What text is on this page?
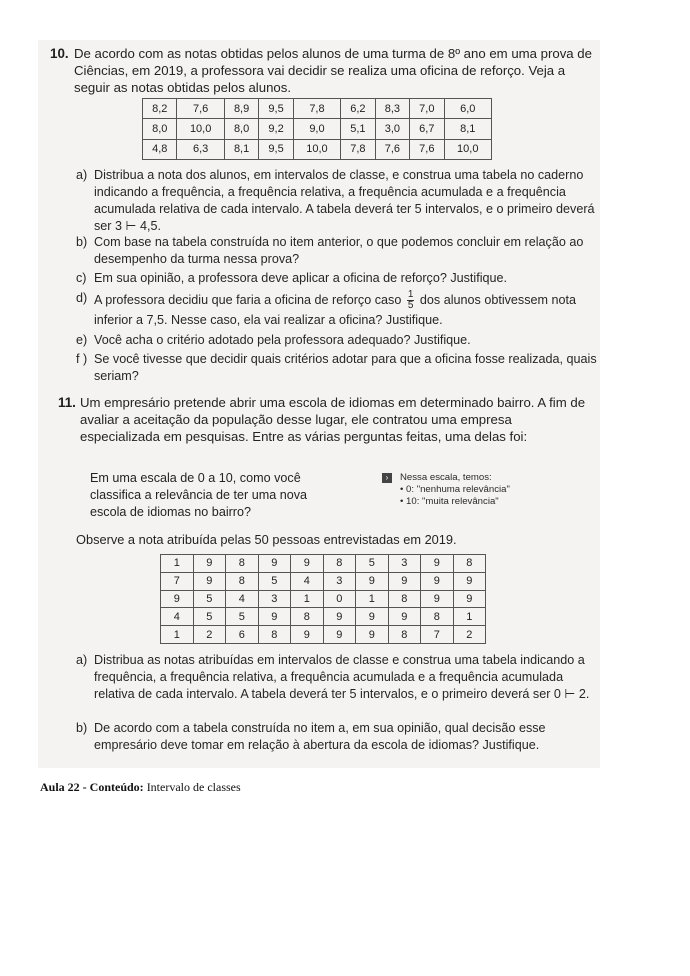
10. De acordo com as notas obtidas pelos alunos de uma turma de 8º ano em uma prova de Ciências, em 2019, a professora vai decidir se realiza uma oficina de reforço. Veja a seguir as notas obtidas pelos alunos.
8,2	7,6	8,9	9,5	7,8	6,2	8,3	7,0	6,0
8,0	10,0	8,0	9,2	9,0	5,1	3,0	6,7	8,1
4,8	6,3	8,1	9,5	10,0	7,8	7,6	7,6	10,0
a) Distribua a nota dos alunos, em intervalos de classe, e construa uma tabela no caderno indicando a frequência, a frequência relativa, a frequência acumulada e a frequência acumulada relativa de cada intervalo. A tabela deverá ter 5 intervalos, e o primeiro deverá ser 3 ⊢ 4,5.
b) Com base na tabela construída no item anterior, o que podemos concluir em relação ao desempenho da turma nessa prova?
c) Em sua opinião, a professora deve aplicar a oficina de reforço? Justifique.
d) A professora decidiu que faria a oficina de reforço caso $\frac{1}{5}$ dos alunos obtivessem nota inferior a 7,5. Nesse caso, ela vai realizar a oficina? Justifique.
e) Você acha o critério adotado pela professora adequado? Justifique.
f ) Se você tivesse que decidir quais critérios adotar para que a oficina fosse realizada, quais seriam?
11. Um empresário pretende abrir uma escola de idiomas em determinado bairro. A fim de avaliar a aceitação da população desse lugar, ele contratou uma empresa especializada em pesquisas. Entre as várias perguntas feitas, uma delas foi:
Em uma escala de 0 a 10, como você classifica a relevância de ter uma nova escola de idiomas no bairro?
›	Nessa escala, temos:
• 0: "nenhuma relevância"
• 10: "muita relevância"
Observe a nota atribuída pelas 50 pessoas entrevistadas em 2019.
1	9	8	9	9	8	5	3	9	8
7	9	8	5	4	3	9	9	9	9
9	5	4	3	1	0	1	8	9	9
4	5	5	9	8	9	9	9	8	1
1	2	6	8	9	9	9	8	7	2
a) Distribua as notas atribuídas em intervalos de classe e construa uma tabela indicando a frequência, a frequência relativa, a frequência acumulada e a frequência acumulada relativa de cada intervalo. A tabela deverá ter 5 intervalos, e o primeiro deverá ser 0 ⊢ 2.
b) De acordo com a tabela construída no item a, em sua opinião, qual decisão esse empresário deve tomar em relação à abertura da escola de idiomas? Justifique.
Aula 22 - Conteúdo: Intervalo de classes
